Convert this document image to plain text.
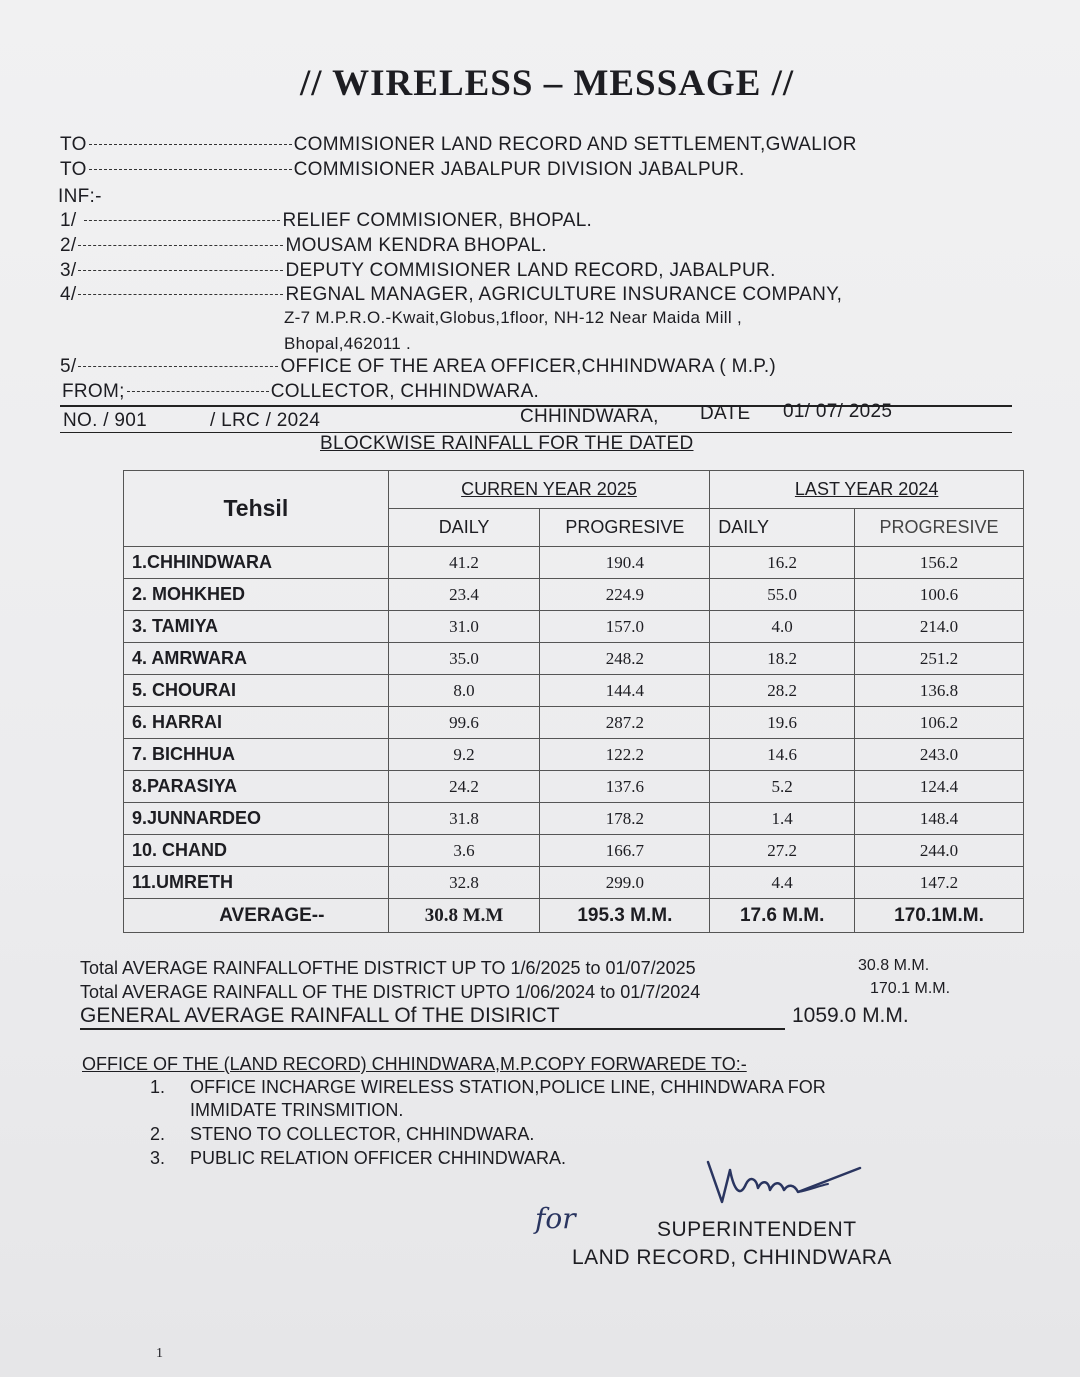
// WIRELESS – MESSAGE //
TO	COMMISIONER LAND RECORD AND SETTLEMENT,GWALIOR
TO	COMMISIONER JABALPUR DIVISION JABALPUR.
INF:-
1/	RELIEF COMMISIONER, BHOPAL.
2/	MOUSAM KENDRA BHOPAL.
3/	DEPUTY COMMISIONER LAND RECORD, JABALPUR.
4/	REGNAL MANAGER, AGRICULTURE INSURANCE COMPANY,
Z-7 M.P.R.O.-Kwait,Globus,1floor, NH-12 Near Maida Mill ,
Bhopal,462011 .
5/	OFFICE OF THE AREA OFFICER,CHHINDWARA ( M.P.)
FROM;	COLLECTOR, CHHINDWARA.
NO. / 901	/ LRC / 2024	CHHINDWARA, DATE 01/ 07/ 2025
BLOCKWISE RAINFALL FOR THE DATED
Tehsil	CURREN YEAR 2025		LAST YEAR 2024	
	DAILY	PROGRESIVE	DAILY	PROGRESIVE
1.CHHINDWARA	41.2	190.4	16.2	156.2
2. MOHKHED	23.4	224.9	55.0	100.6
3. TAMIYA	31.0	157.0	4.0	214.0
4. AMRWARA	35.0	248.2	18.2	251.2
5. CHOURAI	8.0	144.4	28.2	136.8
6. HARRAI	99.6	287.2	19.6	106.2
7. BICHHUA	9.2	122.2	14.6	243.0
8.PARASIYA	24.2	137.6	5.2	124.4
9.JUNNARDEO	31.8	178.2	1.4	148.4
10. CHAND	3.6	166.7	27.2	244.0
11.UMRETH	32.8	299.0	4.4	147.2
AVERAGE--	30.8 M.M	195.3 M.M.	17.6 M.M.	170.1M.M.
Total AVERAGE RAINFALLOFTHE DISTRICT UP TO 1/6/2025 to 01/07/2025	30.8 M.M.
Total AVERAGE RAINFALL OF THE DISTRICT UPTO 1/06/2024 to 01/7/2024	170.1 M.M.
GENERAL AVERAGE RAINFALL Of THE DISIRICT	1059.0 M.M.
OFFICE OF THE (LAND RECORD) CHHINDWARA,M.P.COPY FORWAREDE TO:-
1. OFFICE INCHARGE WIRELESS STATION,POLICE LINE, CHHINDWARA FOR
IMMIDATE TRINSMITION.
2. STENO TO COLLECTOR, CHHINDWARA.
3. PUBLIC RELATION OFFICER CHHINDWARA.
for	SUPERINTENDENT
LAND RECORD, CHHINDWARA
1
